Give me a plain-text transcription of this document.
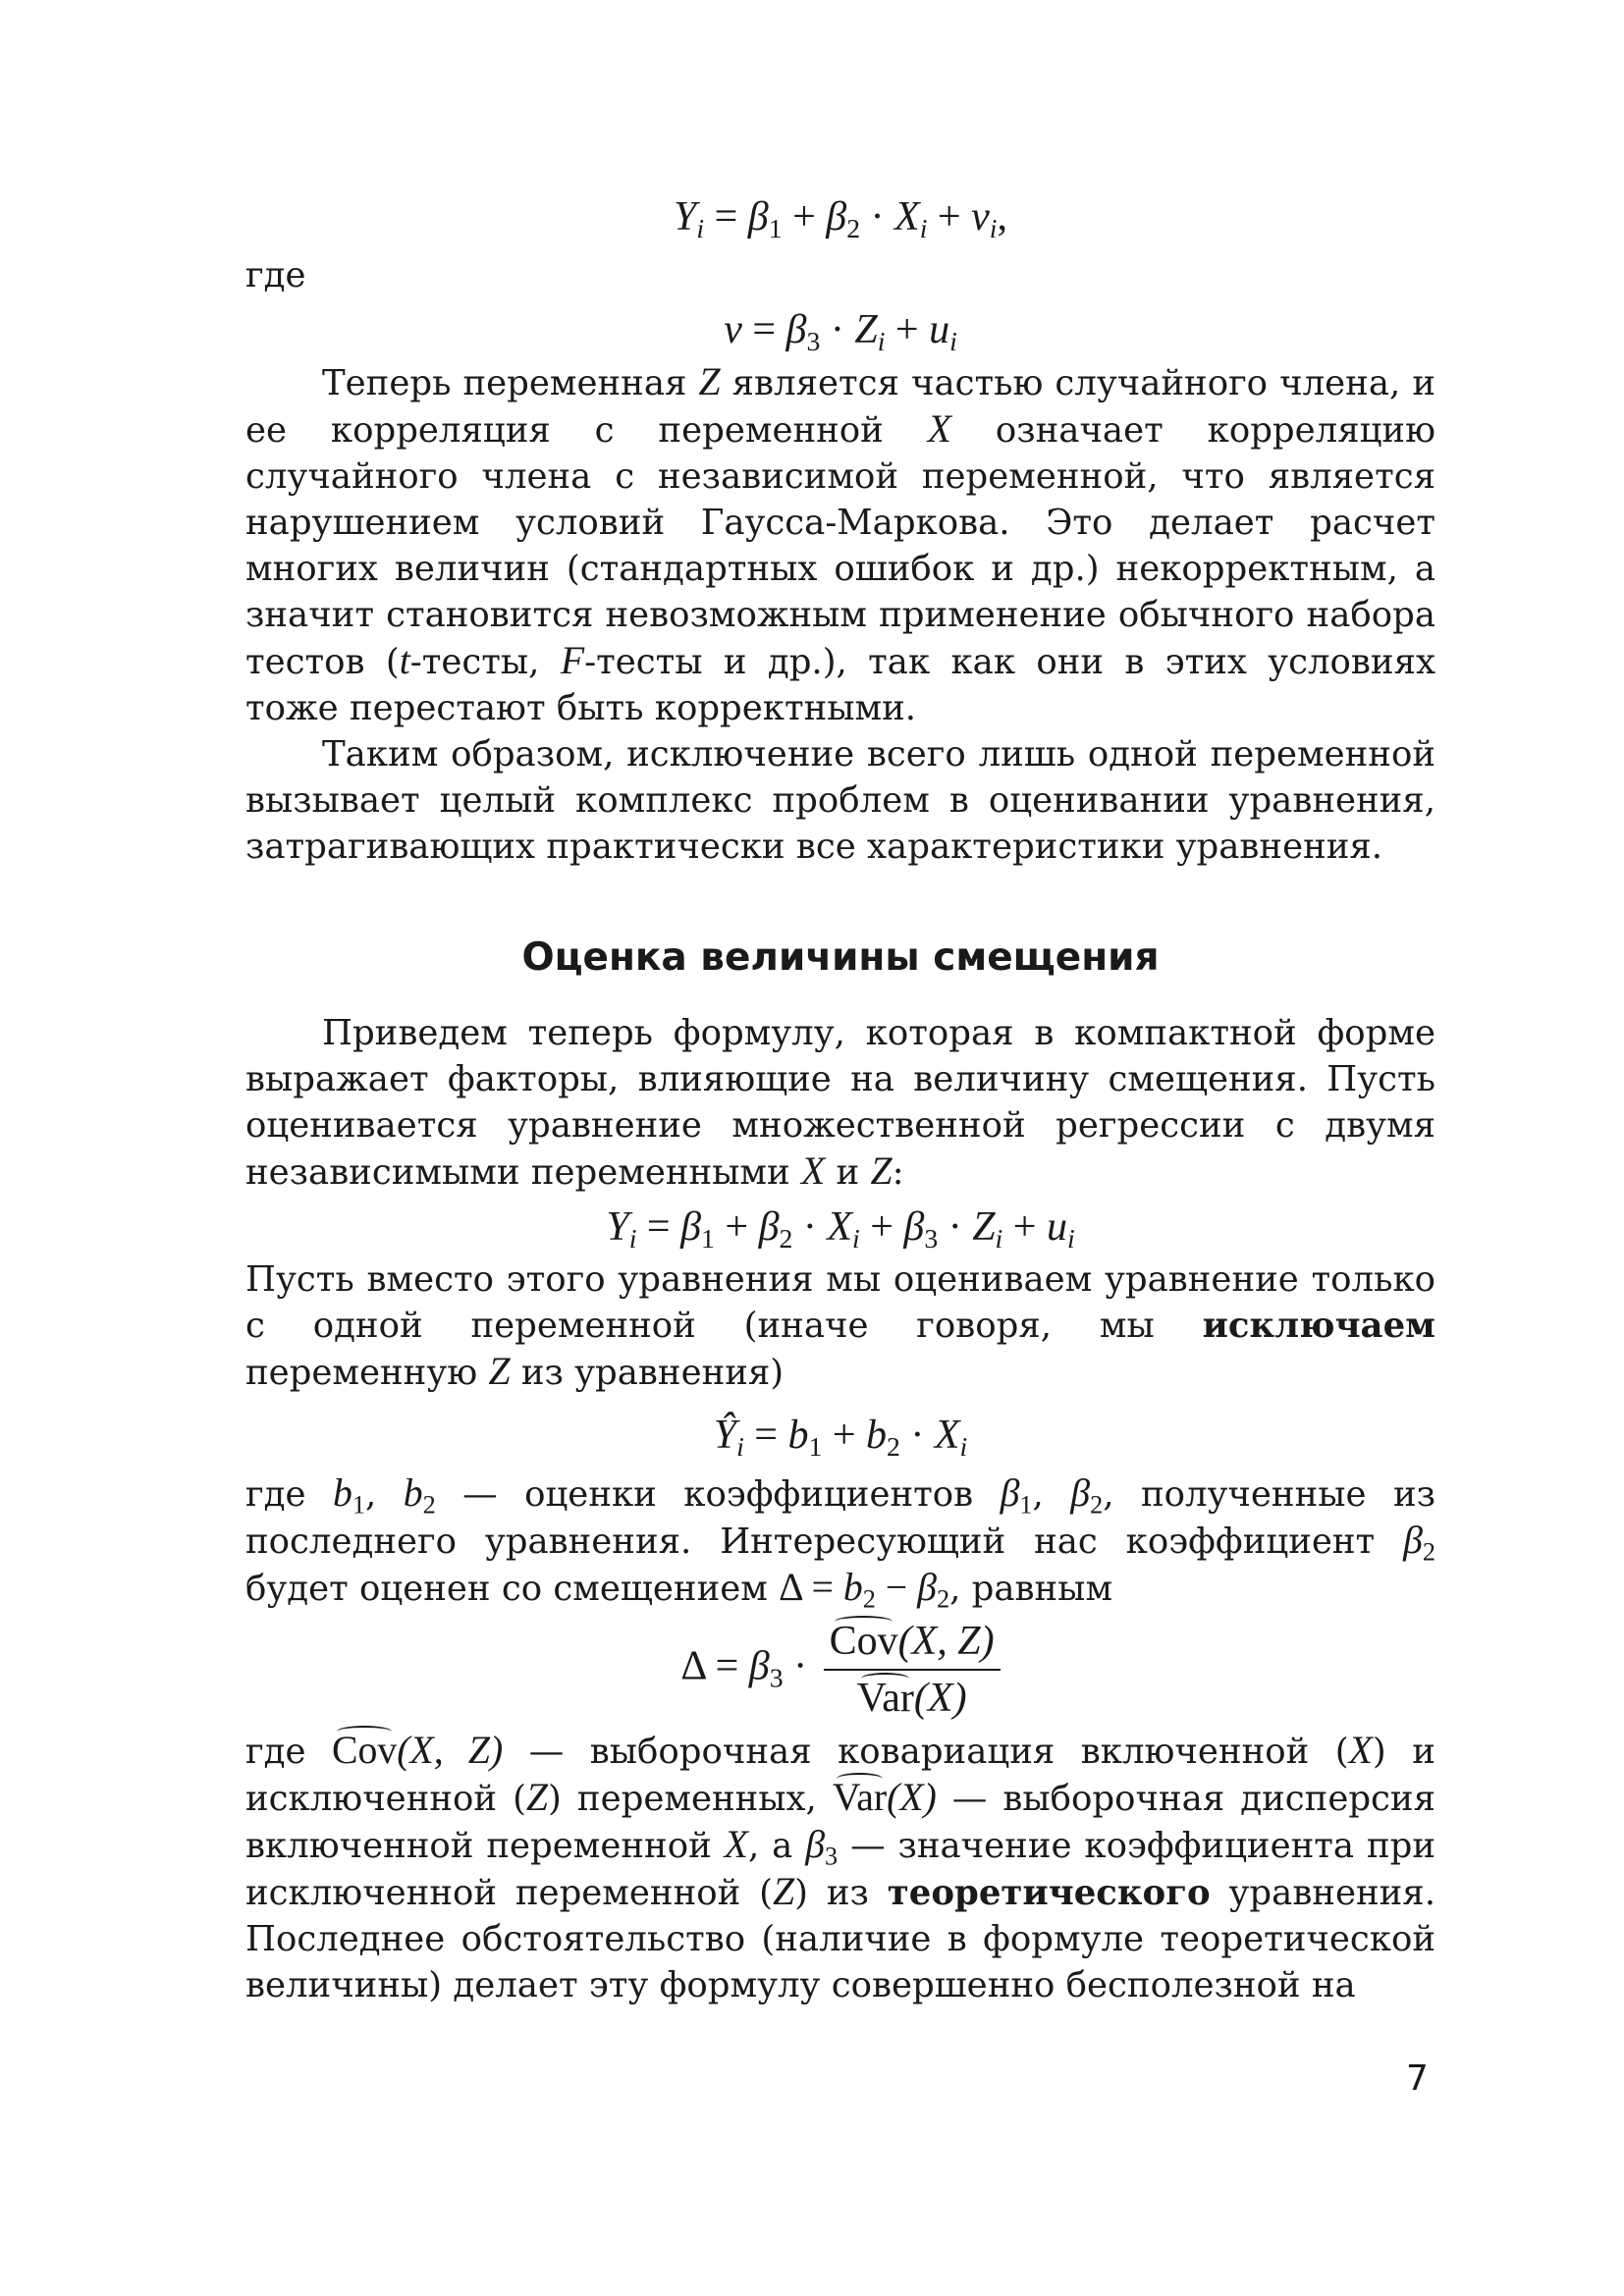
$Y_i = \beta_1 + \beta_2 \cdot X_i + v_i$,

где

$v = \beta_3 \cdot Z_i + u_i$

Теперь переменная Z является частью случайного члена, и ее корреляция с переменной X означает корреляцию случайного члена с независимой переменной, что является нарушением условий Гаусса-Маркова. Это делает расчет многих величин (стандартных ошибок и др.) некорректным, а значит становится невозможным применение обычного набора тестов (t-тесты, F-тесты и др.), так как они в этих условиях тоже перестают быть корректными.

Таким образом, исключение всего лишь одной переменной вызывает целый комплекс проблем в оценивании уравнения, затрагивающих практически все характеристики уравнения.

Оценка величины смещения

Приведем теперь формулу, которая в компактной форме выражает факторы, влияющие на величину смещения. Пусть оценивается уравнение множественной регрессии с двумя независимыми переменными X и Z:

$Y_i = \beta_1 + \beta_2 \cdot X_i + \beta_3 \cdot Z_i + u_i$

Пусть вместо этого уравнения мы оцениваем уравнение только с одной переменной (иначе говоря, мы исключаем переменную Z из уравнения)

$Ŷ_i = b_1 + b_2 \cdot X_i$

где $b_1$, $b_2$ — оценки коэффициентов $\beta_1$, $\beta_2$, полученные из последнего уравнения. Интересующий нас коэффициент $\beta_2$ будет оценен со смещением $\Delta = b_2 - \beta_2$, равным

$\Delta = \beta_3 \cdot \frac{\text{Cov(X, Z)}}{\text{Var(X)}}$

где Cov(X, Z) — выборочная ковариация включенной (X) и исключенной (Z) переменных, Var(X) — выборочная дисперсия включенной переменной X, а $\beta_3$ — значение коэффициента при исключенной переменной (Z) из теоретического уравнения. Последнее обстоятельство (наличие в формуле теоретической величины) делает эту формулу совершенно бесполезной на

7
